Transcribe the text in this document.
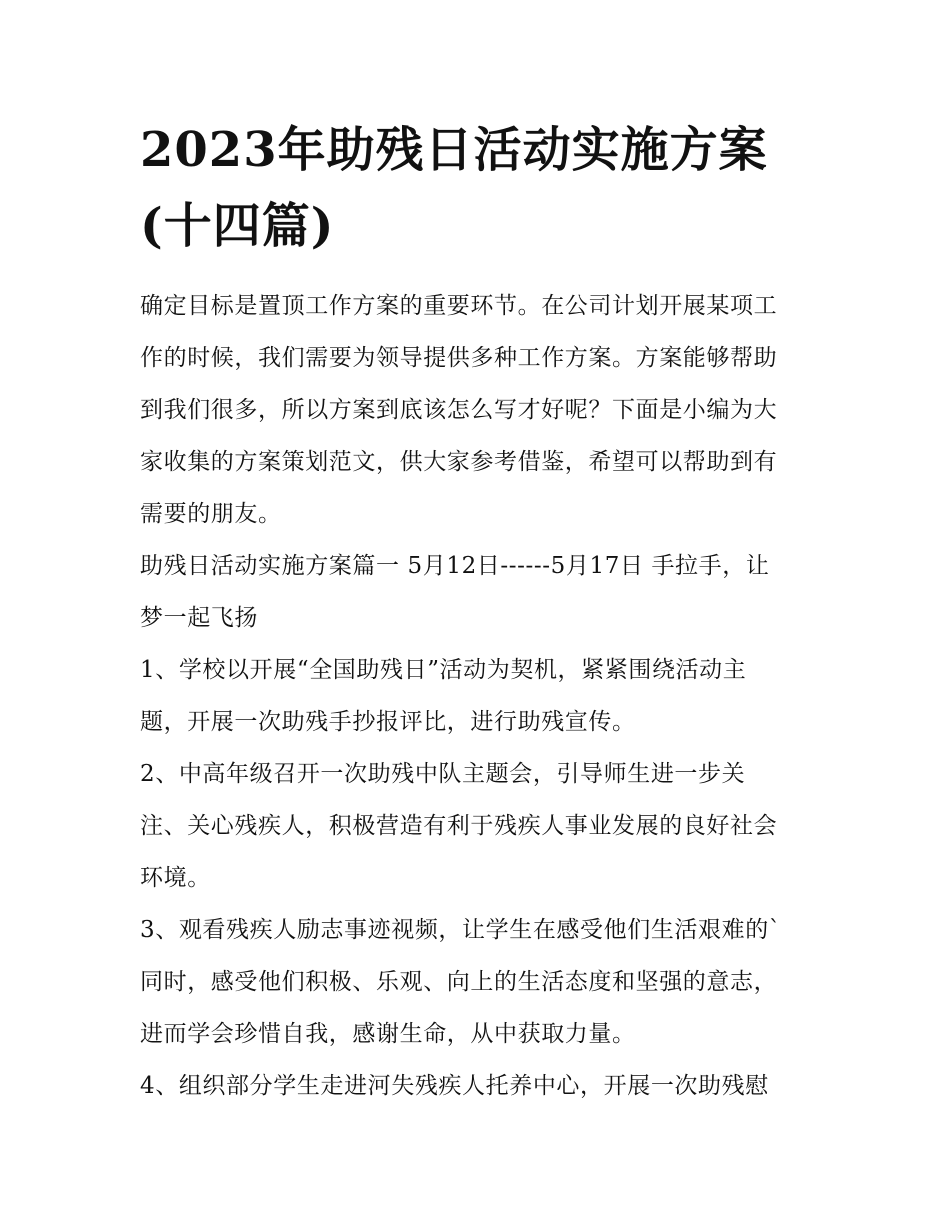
2023年助残日活动实施方案
(十四篇)

确定目标是置顶工作方案的重要环节。在公司计划开展某项工
作的时候，我们需要为领导提供多种工作方案。方案能够帮助
到我们很多，所以方案到底该怎么写才好呢？下面是小编为大
家收集的方案策划范文，供大家参考借鉴，希望可以帮助到有
需要的朋友。

助残日活动实施方案篇一 5月12日------5月17日 手拉手，让
梦一起飞扬

1、学校以开展“全国助残日”活动为契机，紧紧围绕活动主
题，开展一次助残手抄报评比，进行助残宣传。

2、中高年级召开一次助残中队主题会，引导师生进一步关
注、关心残疾人，积极营造有利于残疾人事业发展的良好社会
环境。

3、观看残疾人励志事迹视频，让学生在感受他们生活艰难的`
同时，感受他们积极、乐观、向上的生活态度和坚强的意志，
进而学会珍惜自我，感谢生命，从中获取力量。

4、组织部分学生走进河失残疾人托养中心，开展一次助残慰
